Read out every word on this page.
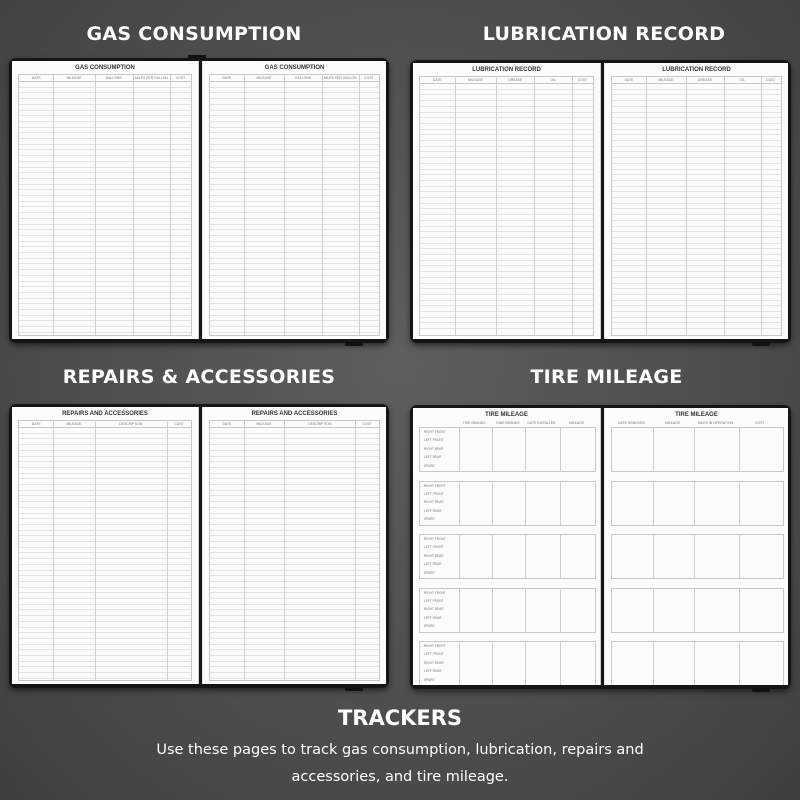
GAS CONSUMPTION	LUBRICATION RECORD
REPAIRS & ACCESSORIES	TIRE MILEAGE
GAS CONSUMPTION
DATE	MILEAGE	GALLONS	MILES PER GALLON	COST
GAS CONSUMPTION
DATE	MILEAGE	GALLONS	MILES PER GALLON	COST
LUBRICATION RECORD
DATE	MILEAGE	GREASE	OIL	COST
LUBRICATION RECORD
DATE	MILEAGE	GREASE	OIL	COST
REPAIRS AND ACCESSORIES
DATE	MILEAGE	DESCRIPTION	COST
REPAIRS AND ACCESSORIES
DATE	MILEAGE	DESCRIPTION	COST
TIRE MILEAGE
TIRE BRANDS	TUBE BRANDS	DATE INSTALLED	MILEAGE
RIGHT FRONT
LEFT FRONT
RIGHT REAR
LEFT REAR
SPARE
RIGHT FRONT
LEFT FRONT
RIGHT REAR
LEFT REAR
SPARE
RIGHT FRONT
LEFT FRONT
RIGHT REAR
LEFT REAR
SPARE
RIGHT FRONT
LEFT FRONT
RIGHT REAR
LEFT REAR
SPARE
RIGHT FRONT
LEFT FRONT
RIGHT REAR
LEFT REAR
SPARE
TIRE MILEAGE
DATE REMOVED	MILEAGE	MILES IN OPERATION	COST
TRACKERS
Use these pages to track gas consumption, lubrication, repairs and accessories, and tire mileage.
